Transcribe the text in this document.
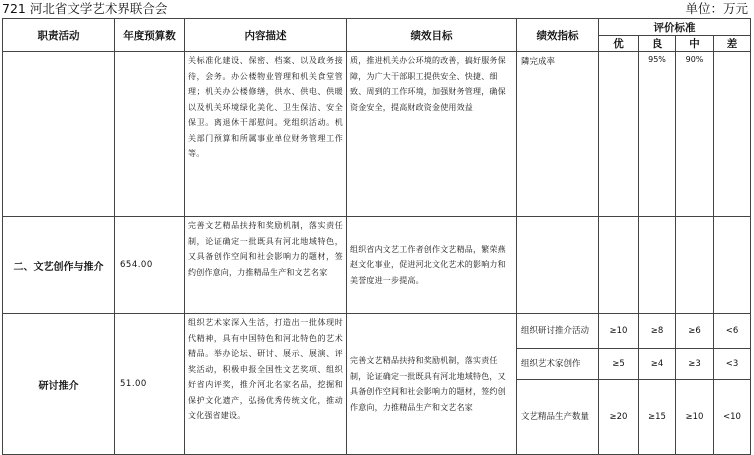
721 河北省文学艺术界联合会	单位：万元
职责活动	年度预算数	内容描述	绩效目标	绩效指标	评价标准			
					优	良	中	差
		关标准化建设、保密、档案、以及政务接待，会务。办公楼物业管理和机关食堂管理；机关办公楼修缮，供水、供电、供暖以及机关环境绿化美化、卫生保洁、安全保卫。离退休干部慰问。党组织活动。机关部门预算和所属事业单位财务管理工作等。	质，推进机关办公环境的改善，搞好服务保障，为广大干部职工提供安全、快捷、细致、周到的工作环境，加强财务管理，确保资金安全，提高财政资金使用效益	隣完成率		95%	90%	
二、文艺创作与推介	654.00	完善文艺精品扶持和奖励机制，落实责任制，论证确定一批既具有河北地域特色，又具备创作空间和社会影响力的题材，签约创作意向，力推精品生产和文艺名家	组织省内文艺工作者创作文艺精品，繁荣燕赵文化事业，促进河北文化艺术的影响力和美誉度进一步提高。					
研讨推介	51.00	组织艺术家深入生活，打造出一批体现时代精神，具有中国特色和河北特色的艺术精品。举办论坛、研讨、展示、展演、评奖活动，积极申报全国性文艺奖项、组织好省内评奖，推介河北名家名品，挖掘和保护文化遗产，弘扬优秀传统文化，推动文化强省建设。	完善文艺精品扶持和奖励机制，落实责任制，论证确定一批既具有河北地域特色，又具备创作空间和社会影响力的题材，签约创作意向，力推精品生产和文艺名家	组织研讨推介活动	≥10	≥8	≥6	<6
				组织艺术家创作	≥5	≥4	≥3	<3
				文艺精品生产数量	≥20	≥15	≥10	<10
